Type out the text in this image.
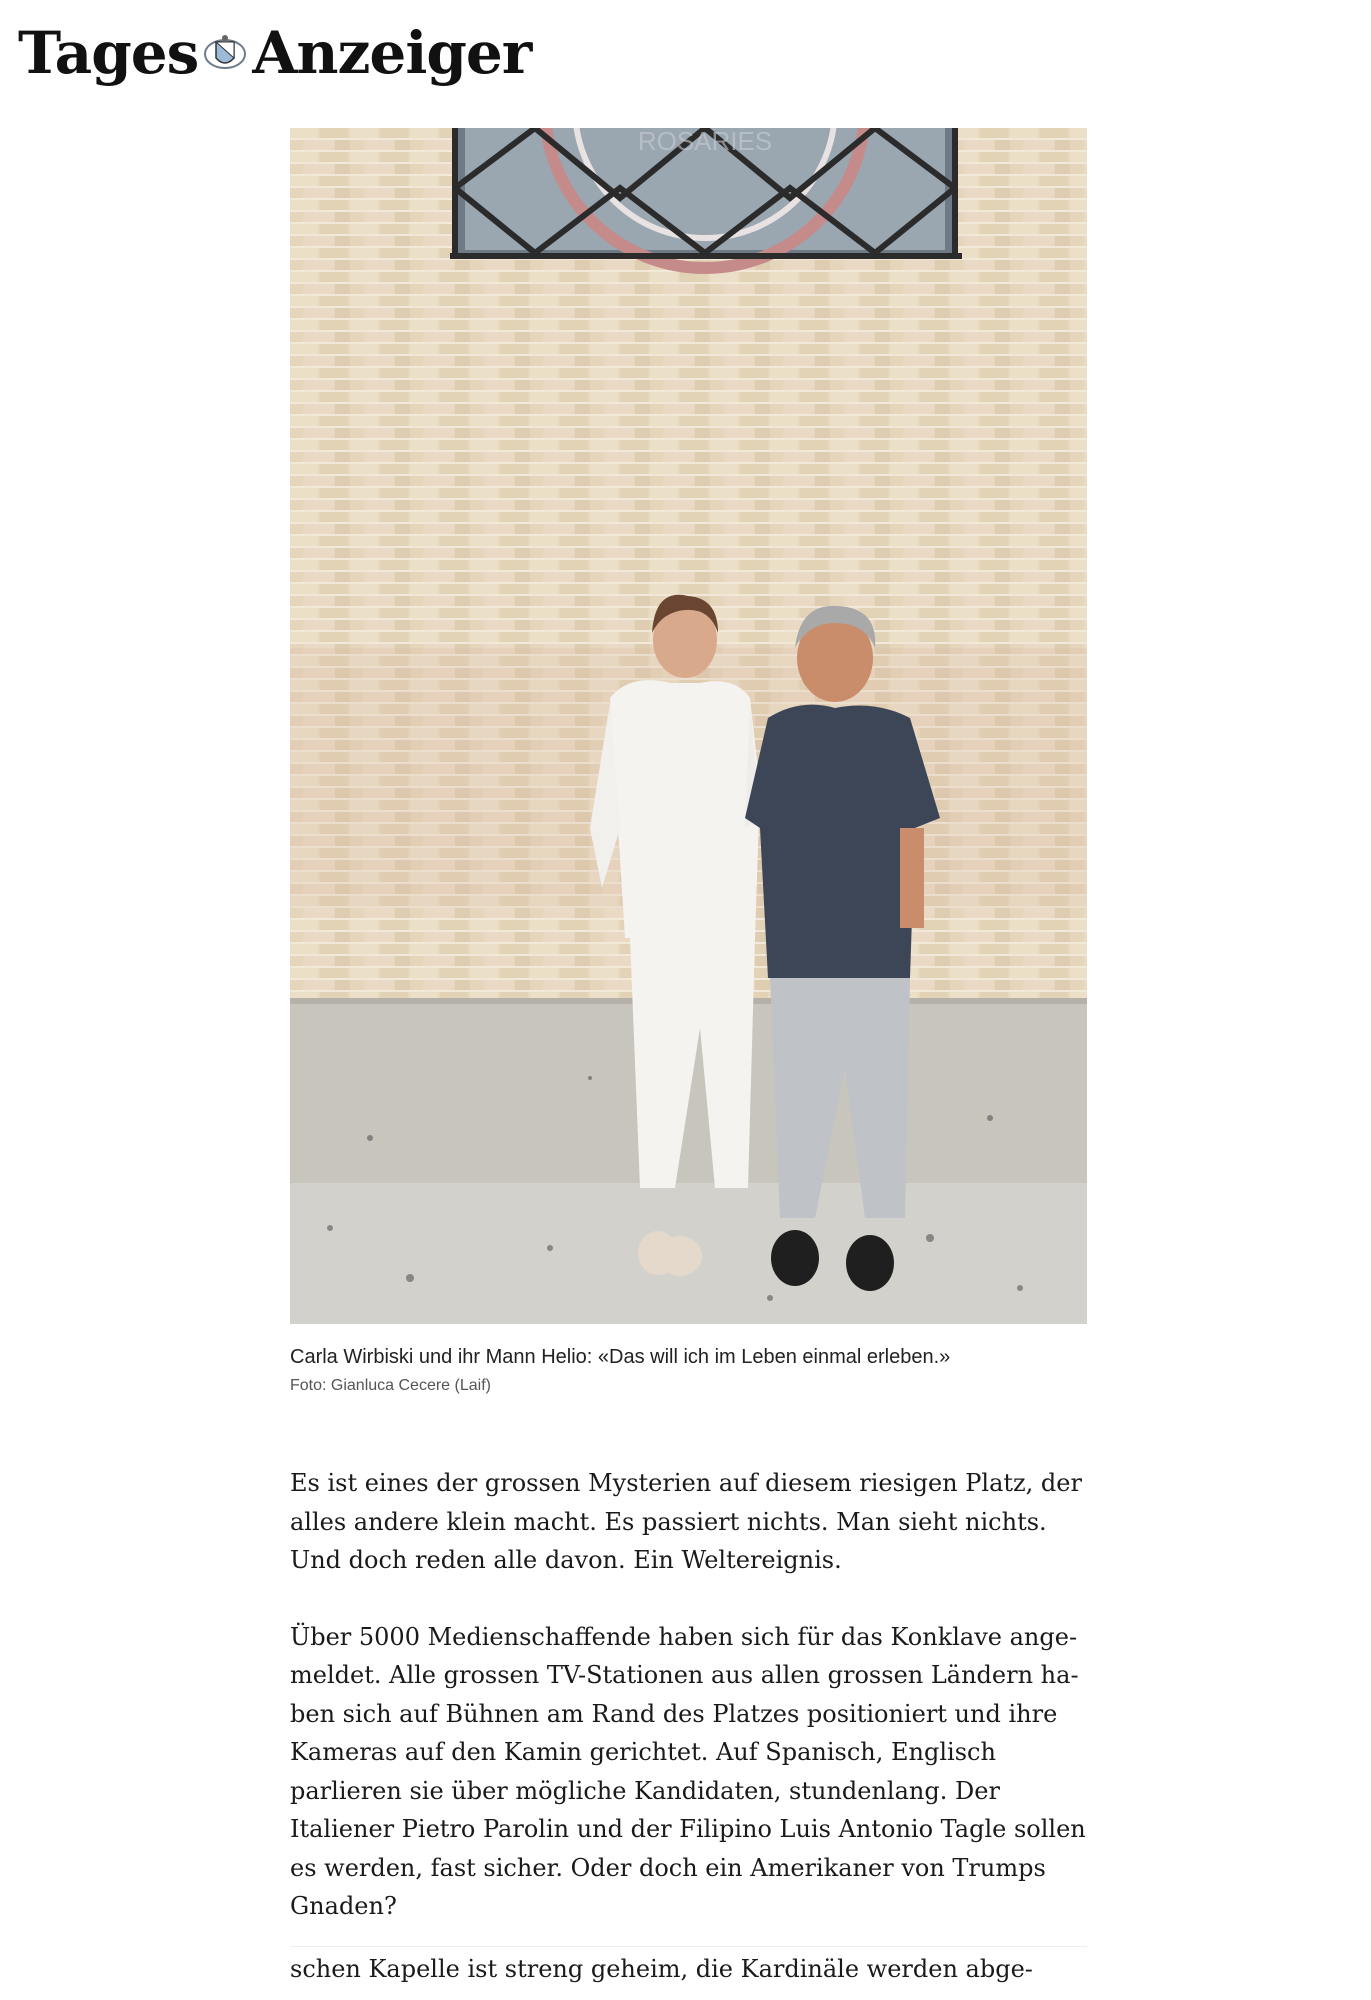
Tages Anzeiger
ROSARIES
Carla Wirbiski und ihr Mann Helio: «Das will ich im Leben einmal erleben.»
Foto: Gianluca Cecere (Laif)

Es ist eines der grossen Mysterien auf diesem riesigen Platz, der alles andere klein macht. Es passiert nichts. Man sieht nichts. Und doch reden alle davon. Ein Weltereignis.

Über 5000 Medienschaffende haben sich für das Konklave angemeldet. Alle grossen TV-Stationen aus allen grossen Ländern haben sich auf Bühnen am Rand des Platzes positioniert und ihre Kameras auf den Kamin gerichtet. Auf Spanisch, Englisch parlieren sie über mögliche Kandidaten, stundenlang. Der Italiener Pietro Parolin und der Filipino Luis Antonio Tagle sollen es werden, fast sicher. Oder doch ein Amerikaner von Trumps Gnaden?

schen Kapelle ist streng geheim, die Kardinäle werden abge-
